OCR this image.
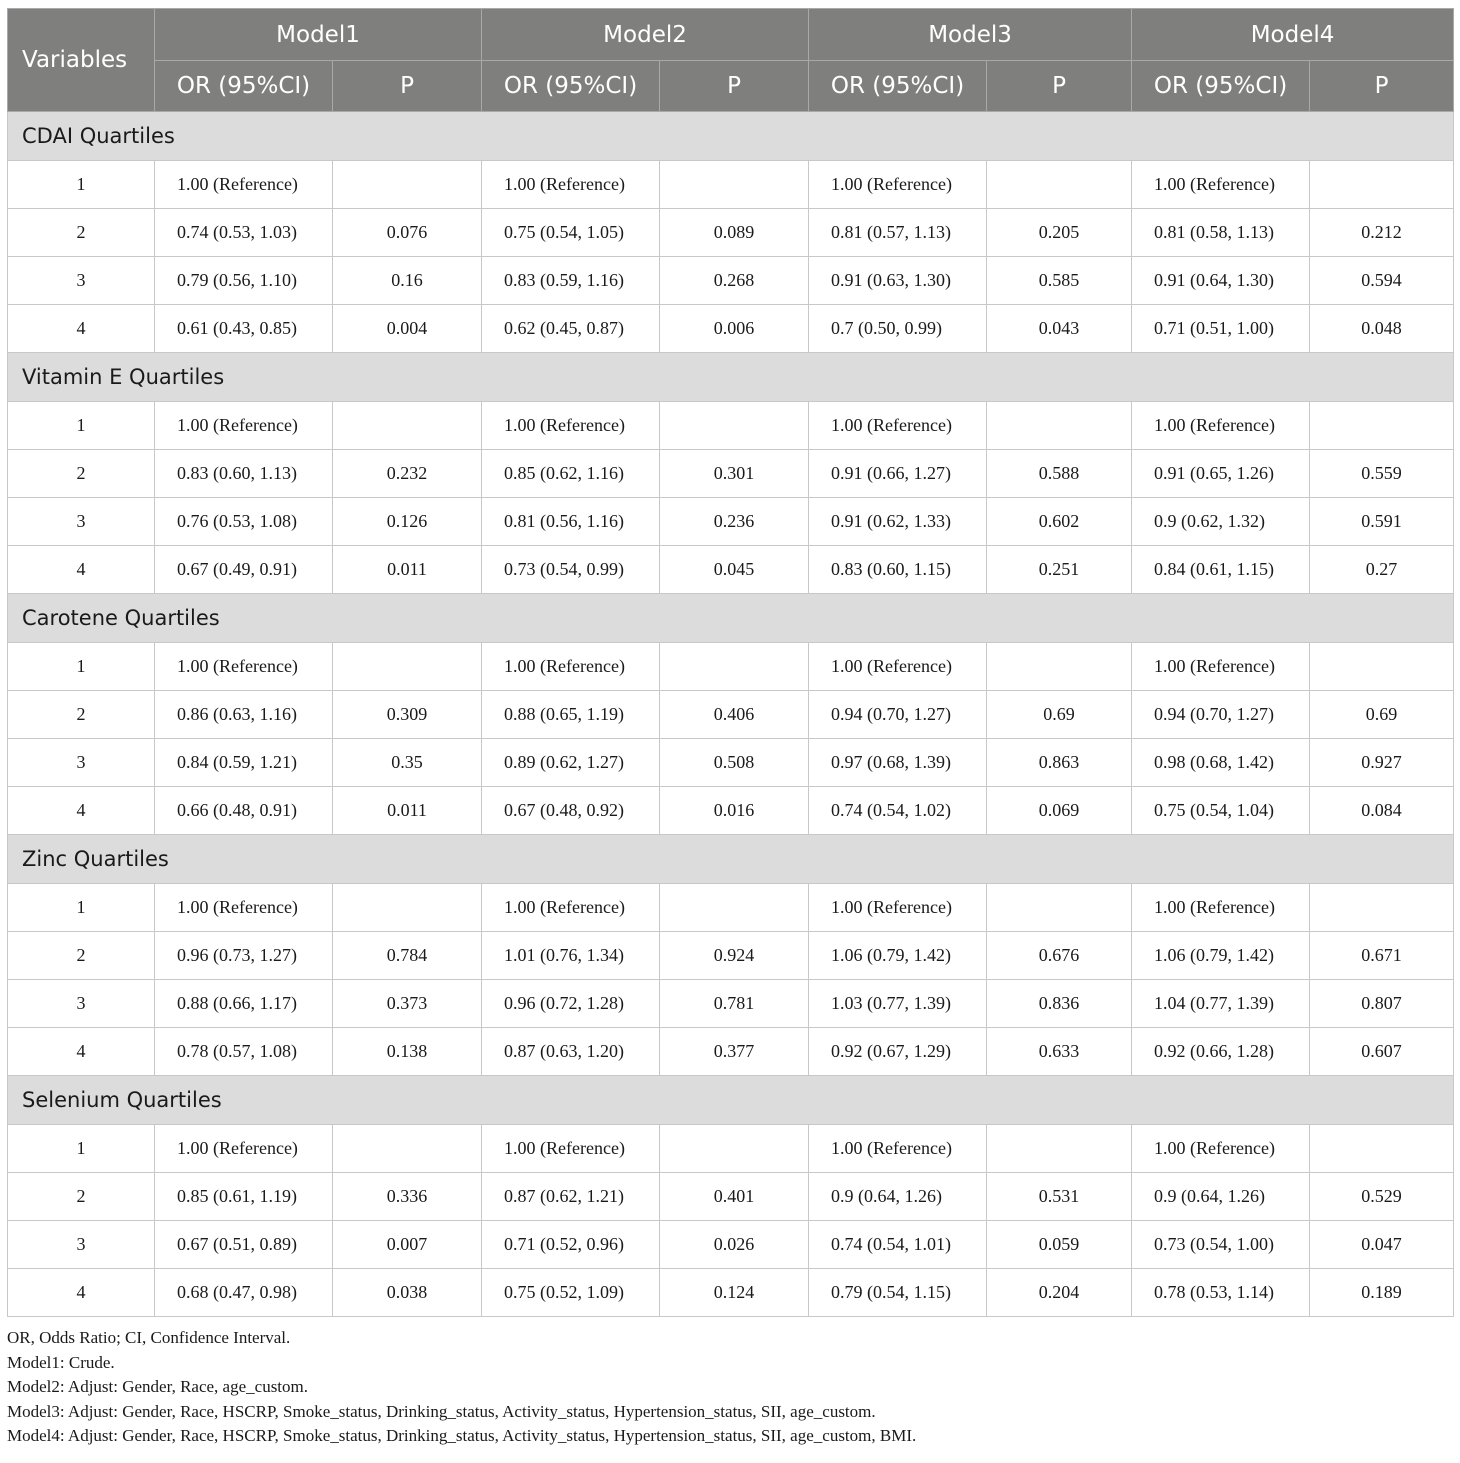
Variables	Model1		Model2		Model3		Model4	
	OR (95%CI)	P	OR (95%CI)	P	OR (95%CI)	P	OR (95%CI)	P
CDAI Quartiles								
1	1.00 (Reference)		1.00 (Reference)		1.00 (Reference)		1.00 (Reference)	
2	0.74 (0.53, 1.03)	0.076	0.75 (0.54, 1.05)	0.089	0.81 (0.57, 1.13)	0.205	0.81 (0.58, 1.13)	0.212
3	0.79 (0.56, 1.10)	0.16	0.83 (0.59, 1.16)	0.268	0.91 (0.63, 1.30)	0.585	0.91 (0.64, 1.30)	0.594
4	0.61 (0.43, 0.85)	0.004	0.62 (0.45, 0.87)	0.006	0.7 (0.50, 0.99)	0.043	0.71 (0.51, 1.00)	0.048
Vitamin E Quartiles								
1	1.00 (Reference)		1.00 (Reference)		1.00 (Reference)		1.00 (Reference)	
2	0.83 (0.60, 1.13)	0.232	0.85 (0.62, 1.16)	0.301	0.91 (0.66, 1.27)	0.588	0.91 (0.65, 1.26)	0.559
3	0.76 (0.53, 1.08)	0.126	0.81 (0.56, 1.16)	0.236	0.91 (0.62, 1.33)	0.602	0.9 (0.62, 1.32)	0.591
4	0.67 (0.49, 0.91)	0.011	0.73 (0.54, 0.99)	0.045	0.83 (0.60, 1.15)	0.251	0.84 (0.61, 1.15)	0.27
Carotene Quartiles								
1	1.00 (Reference)		1.00 (Reference)		1.00 (Reference)		1.00 (Reference)	
2	0.86 (0.63, 1.16)	0.309	0.88 (0.65, 1.19)	0.406	0.94 (0.70, 1.27)	0.69	0.94 (0.70, 1.27)	0.69
3	0.84 (0.59, 1.21)	0.35	0.89 (0.62, 1.27)	0.508	0.97 (0.68, 1.39)	0.863	0.98 (0.68, 1.42)	0.927
4	0.66 (0.48, 0.91)	0.011	0.67 (0.48, 0.92)	0.016	0.74 (0.54, 1.02)	0.069	0.75 (0.54, 1.04)	0.084
Zinc Quartiles								
1	1.00 (Reference)		1.00 (Reference)		1.00 (Reference)		1.00 (Reference)	
2	0.96 (0.73, 1.27)	0.784	1.01 (0.76, 1.34)	0.924	1.06 (0.79, 1.42)	0.676	1.06 (0.79, 1.42)	0.671
3	0.88 (0.66, 1.17)	0.373	0.96 (0.72, 1.28)	0.781	1.03 (0.77, 1.39)	0.836	1.04 (0.77, 1.39)	0.807
4	0.78 (0.57, 1.08)	0.138	0.87 (0.63, 1.20)	0.377	0.92 (0.67, 1.29)	0.633	0.92 (0.66, 1.28)	0.607
Selenium Quartiles								
1	1.00 (Reference)		1.00 (Reference)		1.00 (Reference)		1.00 (Reference)	
2	0.85 (0.61, 1.19)	0.336	0.87 (0.62, 1.21)	0.401	0.9 (0.64, 1.26)	0.531	0.9 (0.64, 1.26)	0.529
3	0.67 (0.51, 0.89)	0.007	0.71 (0.52, 0.96)	0.026	0.74 (0.54, 1.01)	0.059	0.73 (0.54, 1.00)	0.047
4	0.68 (0.47, 0.98)	0.038	0.75 (0.52, 1.09)	0.124	0.79 (0.54, 1.15)	0.204	0.78 (0.53, 1.14)	0.189
OR, Odds Ratio; CI, Confidence Interval.
Model1: Crude.
Model2: Adjust: Gender, Race, age_custom.
Model3: Adjust: Gender, Race, HSCRP, Smoke_status, Drinking_status, Activity_status, Hypertension_status, SII, age_custom.
Model4: Adjust: Gender, Race, HSCRP, Smoke_status, Drinking_status, Activity_status, Hypertension_status, SII, age_custom, BMI.
